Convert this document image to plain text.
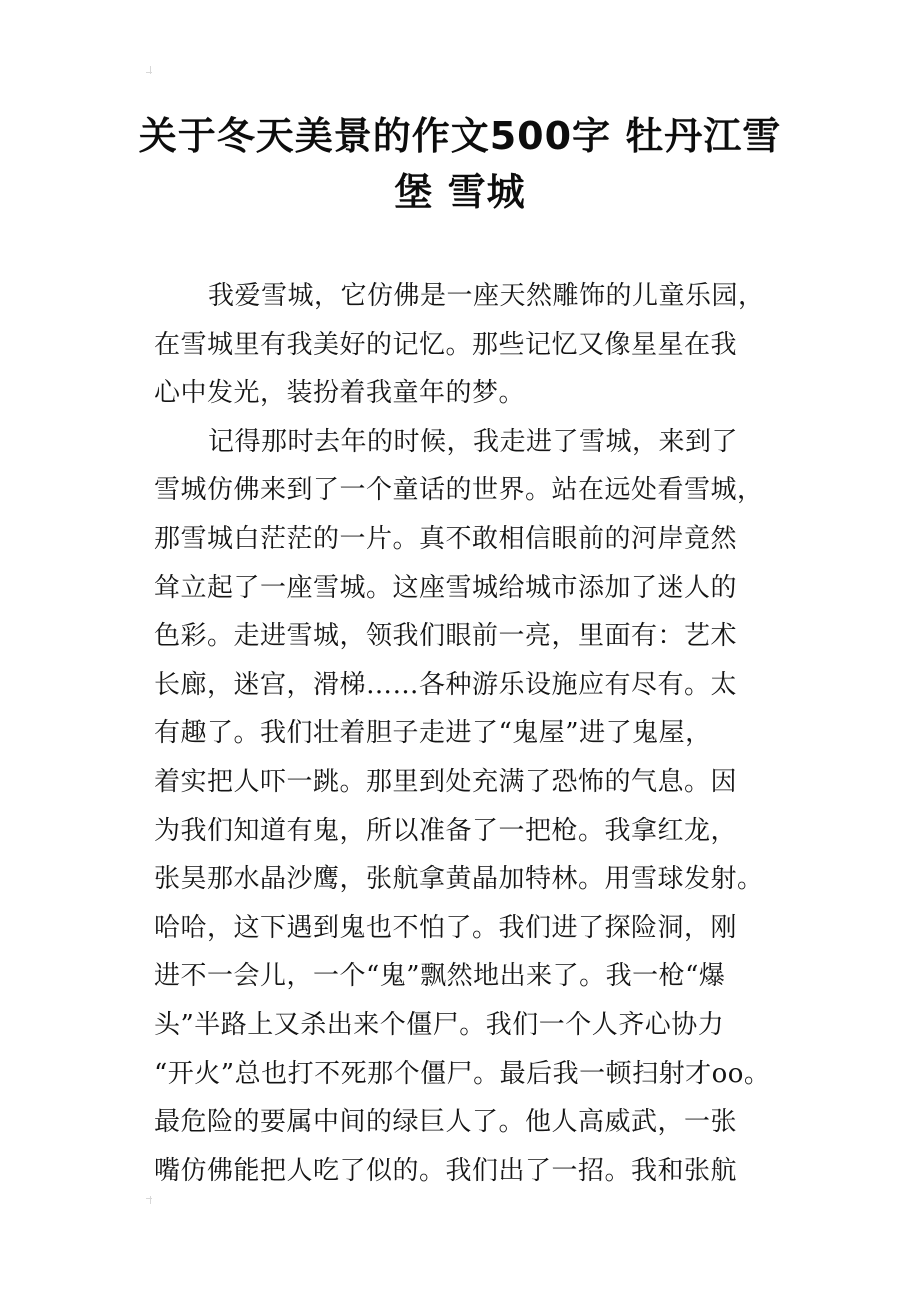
关于冬天美景的作文500字 牡丹江雪
堡 雪城

我爱雪城，它仿佛是一座天然雕饰的儿童乐园，
在雪城里有我美好的记忆。那些记忆又像星星在我
心中发光，装扮着我童年的梦。

记得那时去年的时候，我走进了雪城，来到了
雪城仿佛来到了一个童话的世界。站在远处看雪城，
那雪城白茫茫的一片。真不敢相信眼前的河岸竟然
耸立起了一座雪城。这座雪城给城市添加了迷人的
色彩。走进雪城，领我们眼前一亮，里面有：艺术
长廊，迷宫，滑梯……各种游乐设施应有尽有。太
有趣了。我们壮着胆子走进了“鬼屋”进了鬼屋，
着实把人吓一跳。那里到处充满了恐怖的气息。因
为我们知道有鬼，所以准备了一把枪。我拿红龙，
张昊那水晶沙鹰，张航拿黄晶加特林。用雪球发射。
哈哈，这下遇到鬼也不怕了。我们进了探险洞，刚
进不一会儿，一个“鬼”飘然地出来了。我一枪“爆
头”半路上又杀出来个僵尸。我们一个人齐心协力
“开火”总也打不死那个僵尸。最后我一顿扫射才oo。
最危险的要属中间的绿巨人了。他人高威武，一张
嘴仿佛能把人吃了似的。我们出了一招。我和张航
